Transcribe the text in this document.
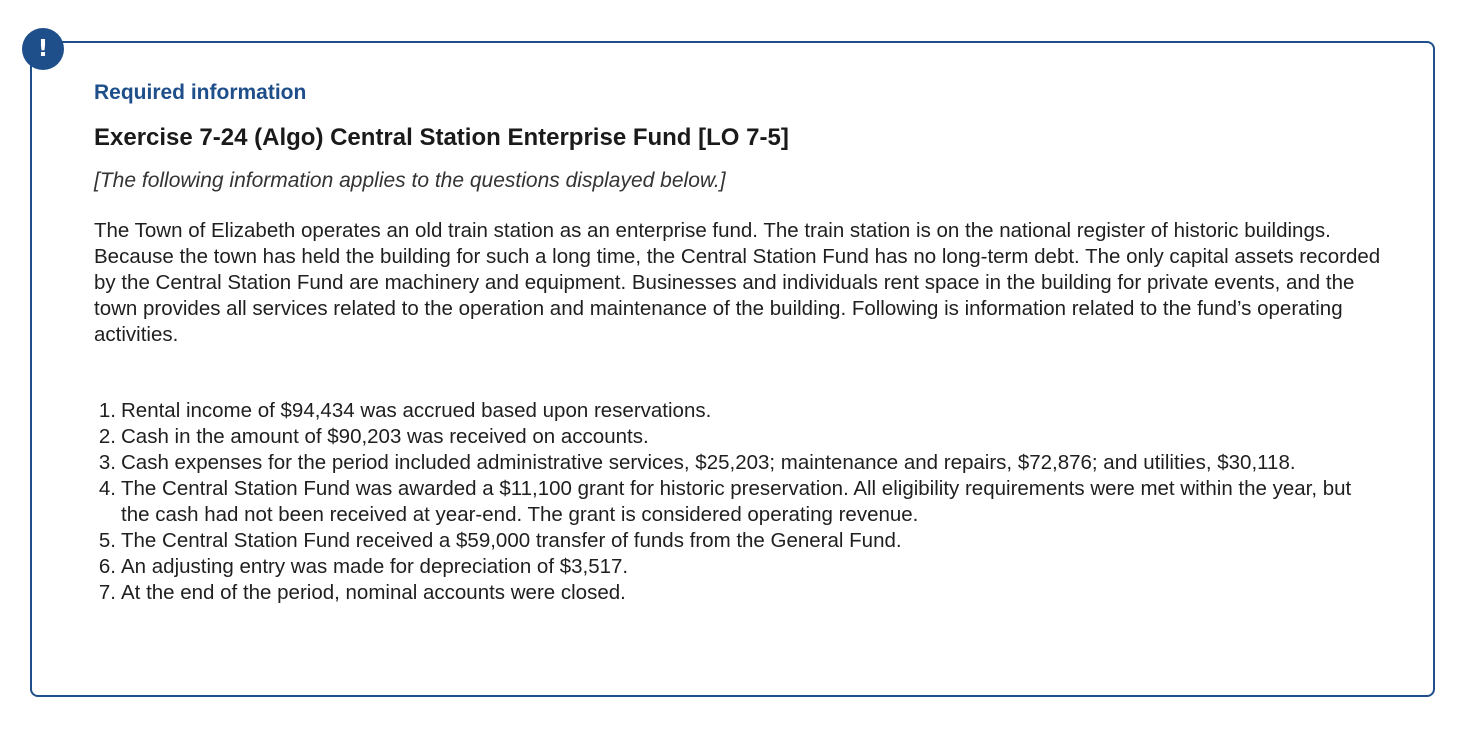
!
Required information
Exercise 7-24 (Algo) Central Station Enterprise Fund [LO 7-5]

[The following information applies to the questions displayed below.]

The Town of Elizabeth operates an old train station as an enterprise fund. The train station is on the national register of historic buildings. Because the town has held the building for such a long time, the Central Station Fund has no long-term debt. The only capital assets recorded by the Central Station Fund are machinery and equipment. Businesses and individuals rent space in the building for private events, and the town provides all services related to the operation and maintenance of the building. Following is information related to the fund’s operating activities.

1. Rental income of $94,434 was accrued based upon reservations.
2. Cash in the amount of $90,203 was received on accounts.
3. Cash expenses for the period included administrative services, $25,203; maintenance and repairs, $72,876; and utilities, $30,118.
4. The Central Station Fund was awarded a $11,100 grant for historic preservation. All eligibility requirements were met within the year, but the cash had not been received at year-end. The grant is considered operating revenue.
5. The Central Station Fund received a $59,000 transfer of funds from the General Fund.
6. An adjusting entry was made for depreciation of $3,517.
7. At the end of the period, nominal accounts were closed.
